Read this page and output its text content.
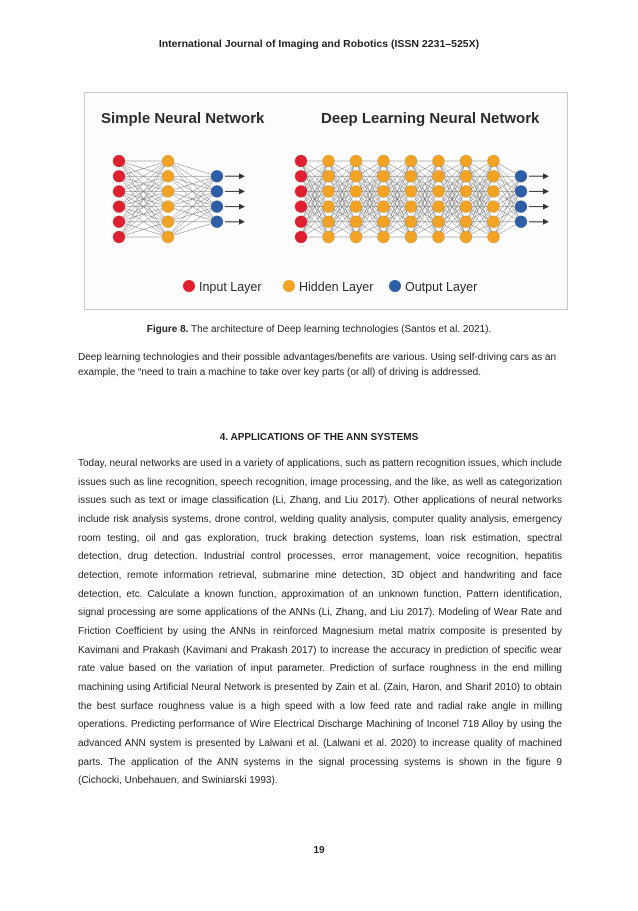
International Journal of Imaging and Robotics (ISSN 2231–525X)
Simple Neural Network	Deep Learning Neural Network
Input Layer	Hidden Layer	Output Layer
Figure 8. The architecture of Deep learning technologies (Santos et al. 2021).

Deep learning technologies and their possible advantages/benefits are various. Using self-driving cars as an example, the “need to train a machine to take over key parts (or all) of driving is addressed.

4. APPLICATIONS OF THE ANN SYSTEMS

Today, neural networks are used in a variety of applications, such as pattern recognition issues, which include issues such as line recognition, speech recognition, image processing, and the like, as well as categorization issues such as text or image classification (Li, Zhang, and Liu 2017). Other applications of neural networks include risk analysis systems, drone control, welding quality analysis, computer quality analysis, emergency room testing, oil and gas exploration, truck braking detection systems, loan risk estimation, spectral detection, drug detection. Industrial control processes, error management, voice recognition, hepatitis detection, remote information retrieval, submarine mine detection, 3D object and handwriting and face detection, etc. Calculate a known function, approximation of an unknown function, Pattern identification, signal processing are some applications of the ANNs (Li, Zhang, and Liu 2017). Modeling of Wear Rate and Friction Coefficient by using the ANNs in reinforced Magnesium metal matrix composite is presented by Kavimani and Prakash (Kavimani and Prakash 2017) to increase the accuracy in prediction of specific wear rate value based on the variation of input parameter. Prediction of surface roughness in the end milling machining using Artificial Neural Network is presented by Zain et al. (Zain, Haron, and Sharif 2010) to obtain the best surface roughness value is a high speed with a low feed rate and radial rake angle in milling operations. Predicting performance of Wire Electrical Discharge Machining of Inconel 718 Alloy by using the advanced ANN system is presented by Lalwani et al. (Lalwani et al. 2020) to increase quality of machined parts. The application of the ANN systems in the signal processing systems is shown in the figure 9 (Cichocki, Unbehauen, and Swiniarski 1993).

19
